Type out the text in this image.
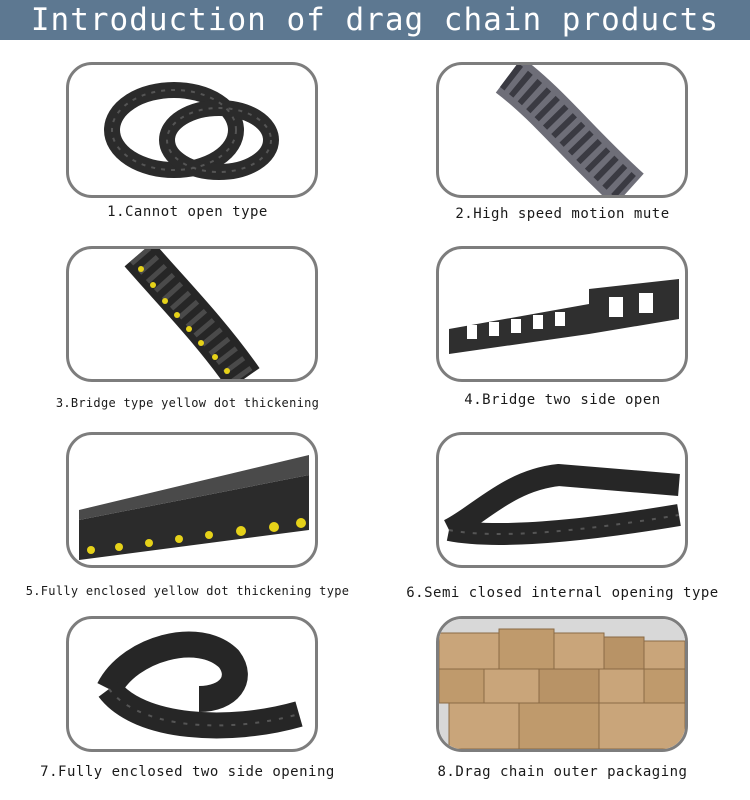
Introduction of drag chain products
1.Cannot open type	2.High speed motion mute
3.Bridge type yellow dot thickening	4.Bridge two side open
5.Fully enclosed yellow dot thickening type	6.Semi closed internal opening type
7.Fully enclosed two side opening	8.Drag chain outer packaging
